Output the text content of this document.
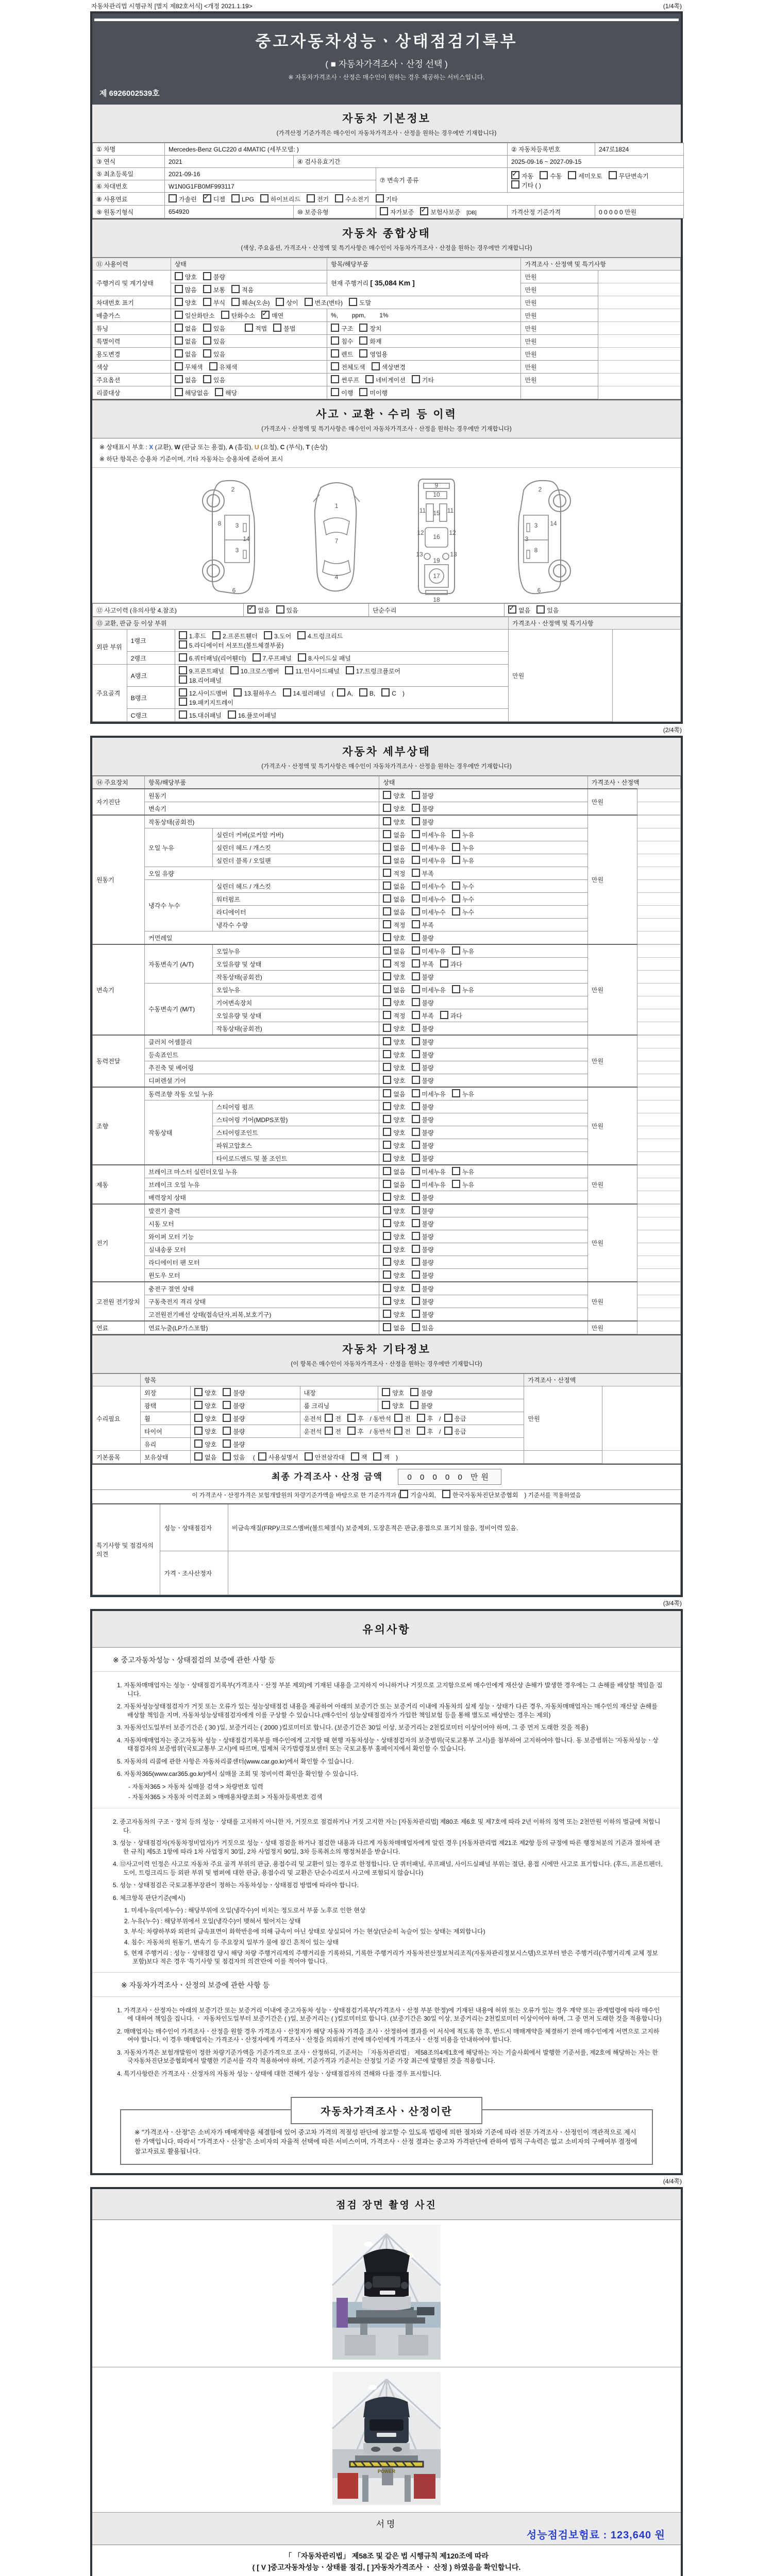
자동차관리법 시행규칙 [별지 제82호서식] <개정 2021.1.19>	(1/4쪽)
중고자동차성능ㆍ상태점검기록부
( ■ 자동차가격조사ㆍ산정 선택 )
※ 자동차가격조사ㆍ산정은 매수인이 원하는 경우 제공하는 서비스입니다.
제 6926002539호
자동차 기본정보
(가격산정 기준가격은 매수인이 자동차가격조사ㆍ산정을 원하는 경우에만 기재합니다)
① 차명	Mercedes-Benz GLC220 d 4MATIC (세부모델: )			② 자동차등록번호	247로1824
③ 연식	2021	④ 검사유효기간		2025-09-16 ~ 2027-09-15	
⑤ 최초등록일	2021-09-16		⑦ 변속기 종류	✓자동 수동 세미오토 무단변속기기타 ( )
⑥ 차대번호	W1N0G1FB0MF993117				
⑧ 사용연료	가솔린 ✓ 디젤 LPG 하이브리드 전기 수소전기 기타
⑨ 원동기형식	654920	⑩ 보증유형	자가보증 ✓ 보험사보증 [DB]	가격산정 기준가격	0 0 0 0 0 만원
자동차 종합상태
(색상, 주요옵션, 가격조사ㆍ산정액 및 특기사항은 매수인이 자동차가격조사ㆍ산정을 원하는 경우에만 기재합니다)
⑪ 사용이력	상태	항목/해당부품	가격조사ㆍ산정액 및 특기사항	
주행거리 및 계기상태	양호 불량	현재 주행거리 [ 35,084 Km ]	만원	
	많음 보통 적음		만원	
차대번호 표기	양호 부식 훼손(오손) 상이 변조(변타) 도말		만원	
배출가스	일산화탄소 탄화수소 ✓ 매연	%,        ppm,        1%	만원	
튜닝	없음 있음 적법 불법	구조 장치	만원	
특별이력	없음 있음	침수 화재	만원	
용도변경	없음 있음	렌트 영업용	만원	
색상	무채색 유채색	전체도색 색상변경	만원	
주요옵션	없음 있음	썬루프 네비게이션 기타	만원	
리콜대상	해당없음 해당	이행 미이행		
사고ㆍ교환ㆍ수리 등 이력
(가격조사ㆍ산정액 및 특기사항은 매수인이 자동차가격조사ㆍ산정을 원하는 경우에만 기재합니다)
※ 상태표시 부호 : X (교환), W (판금 또는 용접), A (흠집), U (요철), C (부식), T (손상)
※ 하단 항목은 승용차 기준이며, 기타 자동차는 승용차에 준하여 표시
2
8 3
14
3
6
1
7
4
9
10
11	11
15
12	12
16
13	13
19
17
18
2
3 14
3
8
6
⑫ 사고이력 (유의사항 4.참조)	✓없음	있음	단순수리	✓없음	있음
⑬ 교환, 판금 등 이상 부위			가격조사ㆍ산정액 및 특기사항	
외판 부위	1랭크	1.후드 2.프론트휀더 3.도어 4.트렁크리드
5.라디에이터 서포트(볼트체결부품)	만원	
	2랭크	6.쿼터패널(리어휀더) 7.루프패널 8.사이드실 패널		
주요골격	A랭크	9.프론트패널 10.크로스멤버 11.인사이드패널 17.트렁크플로어
18.리어패널		
	B랭크	12.사이드멤버 13.휠하우스 14.필러패널 ( A, B, C )
19.패키지트레이		
	C랭크	15.대쉬패널 16.플로어패널		
(2/4쪽)
자동차 세부상태
(가격조사ㆍ산정액 및 특기사항은 매수인이 자동차가격조사ㆍ산정을 원하는 경우에만 기재합니다)
⑭ 주요장치	항목/해당부품		상태	가격조사ㆍ산정액	
자기진단	원동기		양호 불량	만원	
	변속기		양호 불량		
원동기	작동상태(공회전)		양호 불량	만원	
	오일 누유	실린더 커버(로커암 커버)	없음 미세누유 누유		
		실린더 헤드 / 개스킷	없음 미세누유 누유		
		실린더 블록 / 오일팬	없음 미세누유 누유		
	오일 유량		적정 부족		
	냉각수 누수	실린더 헤드 / 개스킷	없음 미세누수 누수		
		워터펌프	없음 미세누수 누수		
		라디에이터	없음 미세누수 누수		
		냉각수 수량	적정 부족		
	커먼레일		양호 불량		
변속기	자동변속기 (A/T)	오일누유	없음 미세누유 누유	만원	
		오일유량 및 상태	적정 부족 과다		
		작동상태(공회전)	양호 불량		
	수동변속기 (M/T)	오일누유	없음 미세누유 누유		
		기어변속장치	양호 불량		
		오일유량 및 상태	적정 부족 과다		
		작동상태(공회전)	양호 불량		
동력전달	클러치 어셈블리		양호 불량	만원	
	등속죠인트		양호 불량		
	추진축 및 베어링		양호 불량		
	디퍼렌셜 기어		양호 불량		
조향	동력조향 작동 오일 누유		없음 미세누유 누유	만원	
	작동상태	스티어링 펌프	양호 불량		
		스티어링 기어(MDPS포함)	양호 불량		
		스티어링조인트	양호 불량		
		파워고압호스	양호 불량		
		타이로드엔드 및 볼 조인트	양호 불량		
제동	브레이크 마스터 실린더오일 누유		없음 미세누유 누유	만원	
	브레이크 오일 누유		없음 미세누유 누유		
	배력장치 상태		양호 불량		
전기	발전기 출력		양호 불량	만원	
	시동 모터		양호 불량		
	와이퍼 모터 기능		양호 불량		
	실내송풍 모터		양호 불량		
	라디에이터 팬 모터		양호 불량		
	윈도우 모터		양호 불량		
고전원 전기장치	충전구 절연 상태		양호 불량	만원	
	구동축전지 격리 상태		양호 불량		
	고전원전기배선 상태(접속단자,피복,보호기구)		양호 불량		
연료	연료누출(LP가스포함)		없음 있음	만원	
자동차 기타정보
(이 항목은 매수인이 자동차가격조사ㆍ산정을 원하는 경우에만 기재합니다)
	항목				가격조사ㆍ산정액	
수리필요	외장	양호 불량	내장	양호 불량	만원	
	광택	양호 불량	룸 크리닝	양호 불량		
	휠	양호 불량	운전석 전 후 / 동반석 전 후 / 응급			
	타이어	양호 불량	운전석 전 후 / 동반석 전 후 / 응급			
	유리	양호 불량				
기본품목	보유상태	없음 있음 ( 사용설명서 안전삼각대 잭 잭 )				
최종 가격조사ㆍ산정 금액	0 0 0 0 0 만원
이 가격조사ㆍ산정가격은 보험개발원의 차량기준가액을 바탕으로 한 기준가격과 ( 기술사회,	한국자동차진단보증협회 ) 기준서를 적용하였음
특기사항 및 점검자의 의견	성능ㆍ상태점검자	비금속재질(FRP)/크로스멤버(볼트체결식) 보증제외, 도장흔적은 판금,용접으로 표기치 않음, 정비이력 있음.
	가격ㆍ조사산정자	
(3/4쪽)
유의사항
※ 중고자동차성능ㆍ상태점검의 보증에 관한 사항 등
1. 자동차매매업자는 성능ㆍ상태점검기록부(가격조사ㆍ산정 부분 제외)에 기재된 내용을 고지하지 아니하거나 거짓으로 고지함으로써 매수인에게 재산상 손해가 발생한 경우에는 그 손해를 배상할 책임을 집니다.
2. 자동차성능상태점검자가 거짓 또는 오류가 있는 성능상태점검 내용을 제공하여 아래의 보증기간 또는 보증거리 이내에 자동차의 실제 성능ㆍ상태가 다른 경우, 자동차매매업자는 매수인의 재산상 손해를 배상할 책임을 지며, 자동차성능상태점검자에게 이를 구상할 수 있습니다.(매수인이 성능상태점검자가 가입한 책임보험 등을 통해 별도로 배상받는 경우는 제외)
3. 자동차인도일부터 보증기간은 ( 30 )일, 보증거리는 ( 2000 )킬로미터로 합니다. (보증기간은 30일 이상, 보증거리는 2천킬로미터 이상이어야 하며, 그 중 먼저 도래한 것을 적용)
4. 자동차매매업자는 중고자동차 성능ㆍ상태점검기록부를 매수인에게 고지할 때 현행 자동차성능ㆍ상태점검자의 보증범위(국토교통부 고시)를 첨부하여 고지하여야 합니다. 동 보증범위는 '자동차성능ㆍ상태점검자의 보증범위'(국토교통부 고시)에 따르며, 법제처 국가법령정보센터 또는 국토교통부 홈페이지에서 확인할 수 있습니다.
5. 자동차의 리콜에 관한 사항은 자동차리콜센터(www.car.go.kr)에서 확인할 수 있습니다.
6. 자동차365(www.car365.go.kr)에서 실매물 조회 및 정비이력 확인을 확인할 수 있습니다.
- 자동차365 > 자동차 실매물 검색 > 차량번호 입력
- 자동차365 > 자동차 이력조회 > 매매용차량조회 > 자동차등록번호 검색
2. 중고자동차의 구조ㆍ장치 등의 성능ㆍ상태를 고지하지 아니한 자, 거짓으로 점검하거나 거짓 고지한 자는 [자동차관리법] 제80조 제6호 및 제7호에 따라 2년 이하의 징역 또는 2천만원 이하의 벌금에 처합니다.
3. 성능ㆍ상태점검자(자동차정비업자)가 거짓으로 성능ㆍ상태 점검을 하거나 점검한 내용과 다르게 자동차매매업자에게 알린 경우 [자동차관리법 제21조 제2항 등의 규정에 따른 행정처분의 기준과 절차에 관한 규칙] 제5조 1항에 따라 1차 사업정지 30일, 2차 사업정지 90일, 3차 등록취소의 행정처분을 받습니다.
4. ⑫사고이력 인정은 사고로 자동차 주요 골격 부위의 판금, 용접수리 및 교환이 있는 경우로 한정합니다. 단 쿼터패널, 루프패널, 사이드실패널 부위는 절단, 용접 시에만 사고로 표기합니다. (후드, 프론트펜더, 도어, 트렁크리드 등 외판 부위 및 범퍼에 대한 판금, 용접수리 및 교환은 단순수리로서 사고에 포함되지 않습니다)
5. 성능ㆍ상태점검은 국토교통부장관이 정하는 자동차성능ㆍ상태점검 방법에 따라야 합니다.
6. 체크항목 판단기준(예시)
1. 미세누유(미세누수) : 해당부위에 오일(냉각수)이 비치는 정도로서 부품 노후로 인한 현상
2. 누유(누수) : 해당부위에서 오일(냉각수)이 맺혀서 떨어지는 상태
3. 부식: 차량하부와 외판의 금속표면이 화학반응에 의해 금속이 아닌 상태로 상실되어 가는 현상(단순히 녹슬어 있는 상태는 제외합니다)
4. 침수: 자동차의 원동기, 변속기 등 주요장치 일부가 물에 잠긴 흔적이 있는 상태
5. 현재 주행거리 : 성능ㆍ상태점검 당시 해당 차량 주행거리계의 주행거리를 기록하되, 기록한 주행거리가 자동차전산정보처리조직(자동차관리정보시스템)으로부터 받은 주행거리(주행거리계 교체 정보 포함)보다 적은 경우 '특기사항 및 점검자의 의견'란에 이를 적어야 합니다.
※ 자동차가격조사ㆍ산정의 보증에 관한 사항 등
1. 가격조사ㆍ산정자는 아래의 보증기간 또는 보증거리 이내에 중고자동차 성능ㆍ상태점검기록부(가격조사ㆍ산정 부분 한정)에 기재된 내용에 허위 또는 오류가 있는 경우 계약 또는 관계법령에 따라 매수인에 대하여 책임을 집니다. ㆍ 자동차인도일부터 보증기간은 ( )일, 보증거리는 ( )킬로미터로 합니다. (보증기간은 30일 이상, 보증거리는 2천킬로미터 이상이어야 하며, 그 중 먼저 도래한 것을 적용합니다)
2. 매매업자는 매수인이 가격조사ㆍ산정을 원할 경우 가격조사ㆍ산정자가 해당 자동차 가격을 조사ㆍ산정하여 결과를 이 서식에 적도록 한 후, 반드시 매매계약을 체결하기 전에 매수인에게 서면으로 고지하여야 합니다. 이 경우 매매업자는 가격조사ㆍ산정자에게 가격조사ㆍ산정을 의뢰하기 전에 매수인에게 가격조사ㆍ산정 비용을 안내하여야 합니다.
3. 자동차가격은 보험개발원이 정한 차량기준가액을 기준가격으로 조사ㆍ산정하되, 기준서는 「자동차관리법」 제58조의4제1호에 해당하는 자는 기술사회에서 발행한 기준서를, 제2호에 해당하는 자는 한국자동차진단보증협회에서 발행한 기준서를 각각 적용하여야 하며, 기준가격과 기준서는 산정일 기준 가장 최근에 발행된 것을 적용합니다.
4. 특기사항란은 가격조사ㆍ산정자의 자동차 성능ㆍ상태에 대한 견해가 성능ㆍ상태점검자의 견해와 다를 경우 표시합니다.
자동차가격조사ㆍ산정이란
※ "가격조사ㆍ산정"은 소비자가 매매계약을 체결함에 있어 중고차 가격의 적절성 판단에 참고할 수 있도록 법령에 의한 절차와 기준에 따라 전문 가격조사ㆍ산정인이 객관적으로 제시한 가액입니다. 따라서 "가격조사ㆍ산정"은 소비자의 자율적 선택에 따른 서비스이며, 가격조사ㆍ산정 결과는 중고차 가격판단에 관하여 법적 구속력은 없고 소비자의 구매여부 결정에 참고자료로 활용됩니다.
(4/4쪽)
점검 장면 촬영 사진
POWER
서명
성능점검보험료 : 123,640 원
「 「자동차관리법」 제58조 및 같은 법 시행규칙 제120조에 따라
( [ V ]중고자동차성능ㆍ상태를 점검, [ ]자동차가격조사 ㆍ 산정 ) 하였음을 확인합니다.
